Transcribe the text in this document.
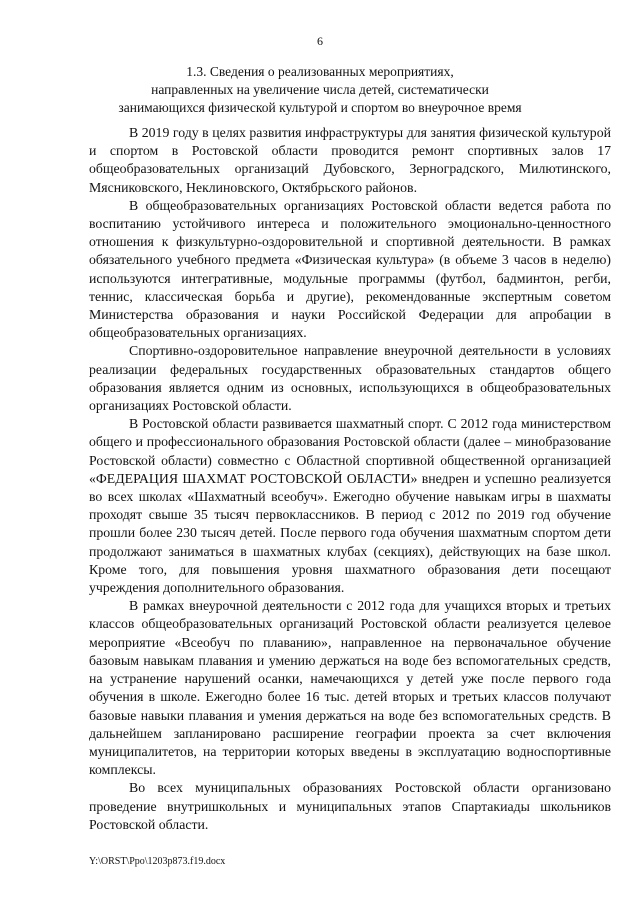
6
1.3. Сведения о реализованных мероприятиях,
направленных на увеличение числа детей, систематически
занимающихся физической культурой и спортом во внеурочное время

В 2019 году в целях развития инфраструктуры для занятия физической культурой и спортом в Ростовской области проводится ремонт спортивных залов 17 общеобразовательных организаций Дубовского, Зерноградского, Милютинского, Мясниковского, Неклиновского, Октябрьского районов.

В общеобразовательных организациях Ростовской области ведется работа по воспитанию устойчивого интереса и положительного эмоционально-ценностного отношения к физкультурно-оздоровительной и спортивной деятельности. В рамках обязательного учебного предмета «Физическая культура» (в объеме 3 часов в неделю) используются интегративные, модульные программы (футбол, бадминтон, регби, теннис, классическая борьба и другие), рекомендованные экспертным советом Министерства образования и науки Российской Федерации для апробации в общеобразовательных организациях.

Спортивно-оздоровительное направление внеурочной деятельности в условиях реализации федеральных государственных образовательных стандартов общего образования является одним из основных, использующихся в общеобразовательных организациях Ростовской области.

В Ростовской области развивается шахматный спорт. С 2012 года министерством общего и профессионального образования Ростовской области (далее – минобразование Ростовской области) совместно с Областной спортивной общественной организацией «ФЕДЕРАЦИЯ ШАХМАТ РОСТОВСКОЙ ОБЛАСТИ» внедрен и успешно реализуется во всех школах «Шахматный всеобуч». Ежегодно обучение навыкам игры в шахматы проходят свыше 35 тысяч первоклассников. В период с 2012 по 2019 год обучение прошли более 230 тысяч детей. После первого года обучения шахматным спортом дети продолжают заниматься в шахматных клубах (секциях), действующих на базе школ. Кроме того, для повышения уровня шахматного образования дети посещают учреждения дополнительного образования.

В рамках внеурочной деятельности с 2012 года для учащихся вторых и третьих классов общеобразовательных организаций Ростовской области реализуется целевое мероприятие «Всеобуч по плаванию», направленное на первоначальное обучение базовым навыкам плавания и умению держаться на воде без вспомогательных средств, на устранение нарушений осанки, намечающихся у детей уже после первого года обучения в школе. Ежегодно более 16 тыс. детей вторых и третьих классов получают базовые навыки плавания и умения держаться на воде без вспомогательных средств. В дальнейшем запланировано расширение географии проекта за счет включения муниципалитетов, на территории которых введены в эксплуатацию водноспортивные комплексы.

Во всех муниципальных образованиях Ростовской области организовано проведение внутришкольных и муниципальных этапов Спартакиады школьников Ростовской области.

Y:\ORST\Ppo\1203p873.f19.docx
